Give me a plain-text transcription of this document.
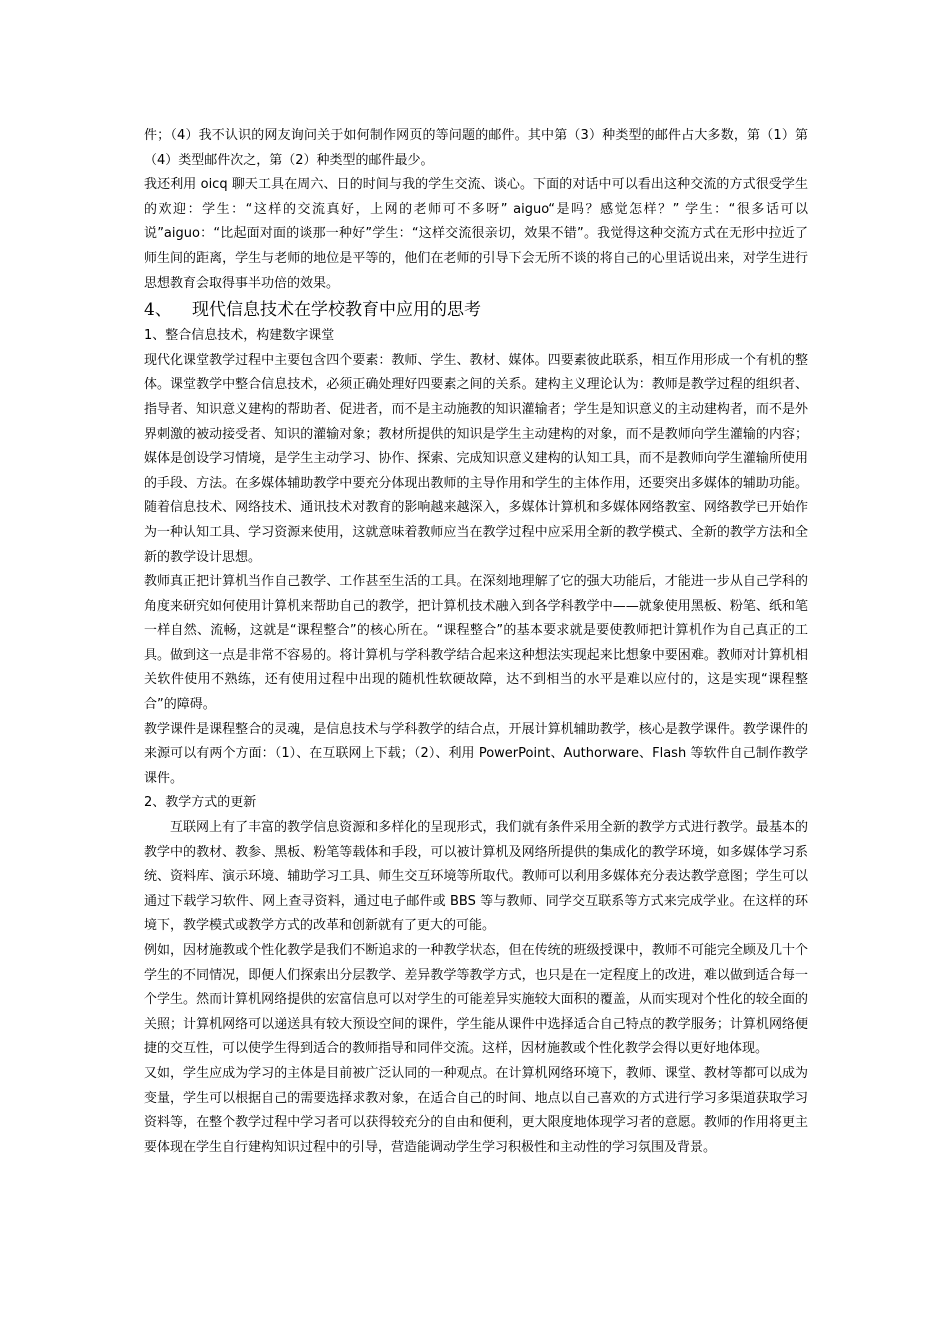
件；（4）我不认识的网友询问关于如何制作网页的等问题的邮件。其中第（3）种类型的邮件占大多数，第（1）第（4）类型邮件次之，第（2）种类型的邮件最少。

我还利用 oicq 聊天工具在周六、日的时间与我的学生交流、谈心。下面的对话中可以看出这种交流的方式很受学生的欢迎：学生：“这样的交流真好，上网的老师可不多呀” aiguo“是吗？感觉怎样？” 学生：“很多话可以说”aiguo：“比起面对面的谈那一种好”学生：“这样交流很亲切，效果不错”。我觉得这种交流方式在无形中拉近了师生间的距离，学生与老师的地位是平等的，他们在老师的引导下会无所不谈的将自己的心里话说出来，对学生进行思想教育会取得事半功倍的效果。

4、 现代信息技术在学校教育中应用的思考
1、整合信息技术，构建数字课堂

现代化课堂教学过程中主要包含四个要素：教师、学生、教材、媒体。四要素彼此联系，相互作用形成一个有机的整体。课堂教学中整合信息技术，必须正确处理好四要素之间的关系。建构主义理论认为：教师是教学过程的组织者、指导者、知识意义建构的帮助者、促进者，而不是主动施教的知识灌输者；学生是知识意义的主动建构者，而不是外界刺激的被动接受者、知识的灌输对象；教材所提供的知识是学生主动建构的对象，而不是教师向学生灌输的内容；媒体是创设学习情境，是学生主动学习、协作、探索、完成知识意义建构的认知工具，而不是教师向学生灌输所使用的手段、方法。在多媒体辅助教学中要充分体现出教师的主导作用和学生的主体作用，还要突出多媒体的辅助功能。随着信息技术、网络技术、通讯技术对教育的影响越来越深入，多媒体计算机和多媒体网络教室、网络教学已开始作为一种认知工具、学习资源来使用，这就意味着教师应当在教学过程中应采用全新的教学模式、全新的教学方法和全新的教学设计思想。

教师真正把计算机当作自己教学、工作甚至生活的工具。在深刻地理解了它的强大功能后，才能进一步从自己学科的角度来研究如何使用计算机来帮助自己的教学，把计算机技术融入到各学科教学中——就象使用黑板、粉笔、纸和笔一样自然、流畅，这就是“课程整合”的核心所在。“课程整合”的基本要求就是要使教师把计算机作为自己真正的工具。做到这一点是非常不容易的。将计算机与学科教学结合起来这种想法实现起来比想象中要困难。教师对计算机相关软件使用不熟练，还有使用过程中出现的随机性软硬故障，达不到相当的水平是难以应付的，这是实现“课程整合”的障碍。

教学课件是课程整合的灵魂，是信息技术与学科教学的结合点，开展计算机辅助教学，核心是教学课件。教学课件的来源可以有两个方面：（1）、在互联网上下载；（2）、利用 PowerPoint、Authorware、Flash 等软件自己制作教学课件。

2、教学方式的更新

互联网上有了丰富的教学信息资源和多样化的呈现形式，我们就有条件采用全新的教学方式进行教学。最基本的教学中的教材、教参、黑板、粉笔等载体和手段，可以被计算机及网络所提供的集成化的教学环境，如多媒体学习系统、资料库、演示环境、辅助学习工具、师生交互环境等所取代。教师可以利用多媒体充分表达教学意图；学生可以通过下载学习软件、网上查寻资料，通过电子邮件或 BBS 等与教师、同学交互联系等方式来完成学业。在这样的环境下，教学模式或教学方式的改革和创新就有了更大的可能。

例如，因材施教或个性化教学是我们不断追求的一种教学状态，但在传统的班级授课中，教师不可能完全顾及几十个学生的不同情况，即便人们探索出分层教学、差异教学等教学方式，也只是在一定程度上的改进，难以做到适合每一个学生。然而计算机网络提供的宏富信息可以对学生的可能差异实施较大面积的覆盖，从而实现对个性化的较全面的关照；计算机网络可以递送具有较大预设空间的课件，学生能从课件中选择适合自己特点的教学服务；计算机网络便捷的交互性，可以使学生得到适合的教师指导和同伴交流。这样，因材施教或个性化教学会得以更好地体现。

又如，学生应成为学习的主体是目前被广泛认同的一种观点。在计算机网络环境下，教师、课堂、教材等都可以成为变量，学生可以根据自己的需要选择求教对象，在适合自己的时间、地点以自己喜欢的方式进行学习多渠道获取学习资料等，在整个教学过程中学习者可以获得较充分的自由和便利，更大限度地体现学习者的意愿。教师的作用将更主要体现在学生自行建构知识过程中的引导，营造能调动学生学习积极性和主动性的学习氛围及背景。
